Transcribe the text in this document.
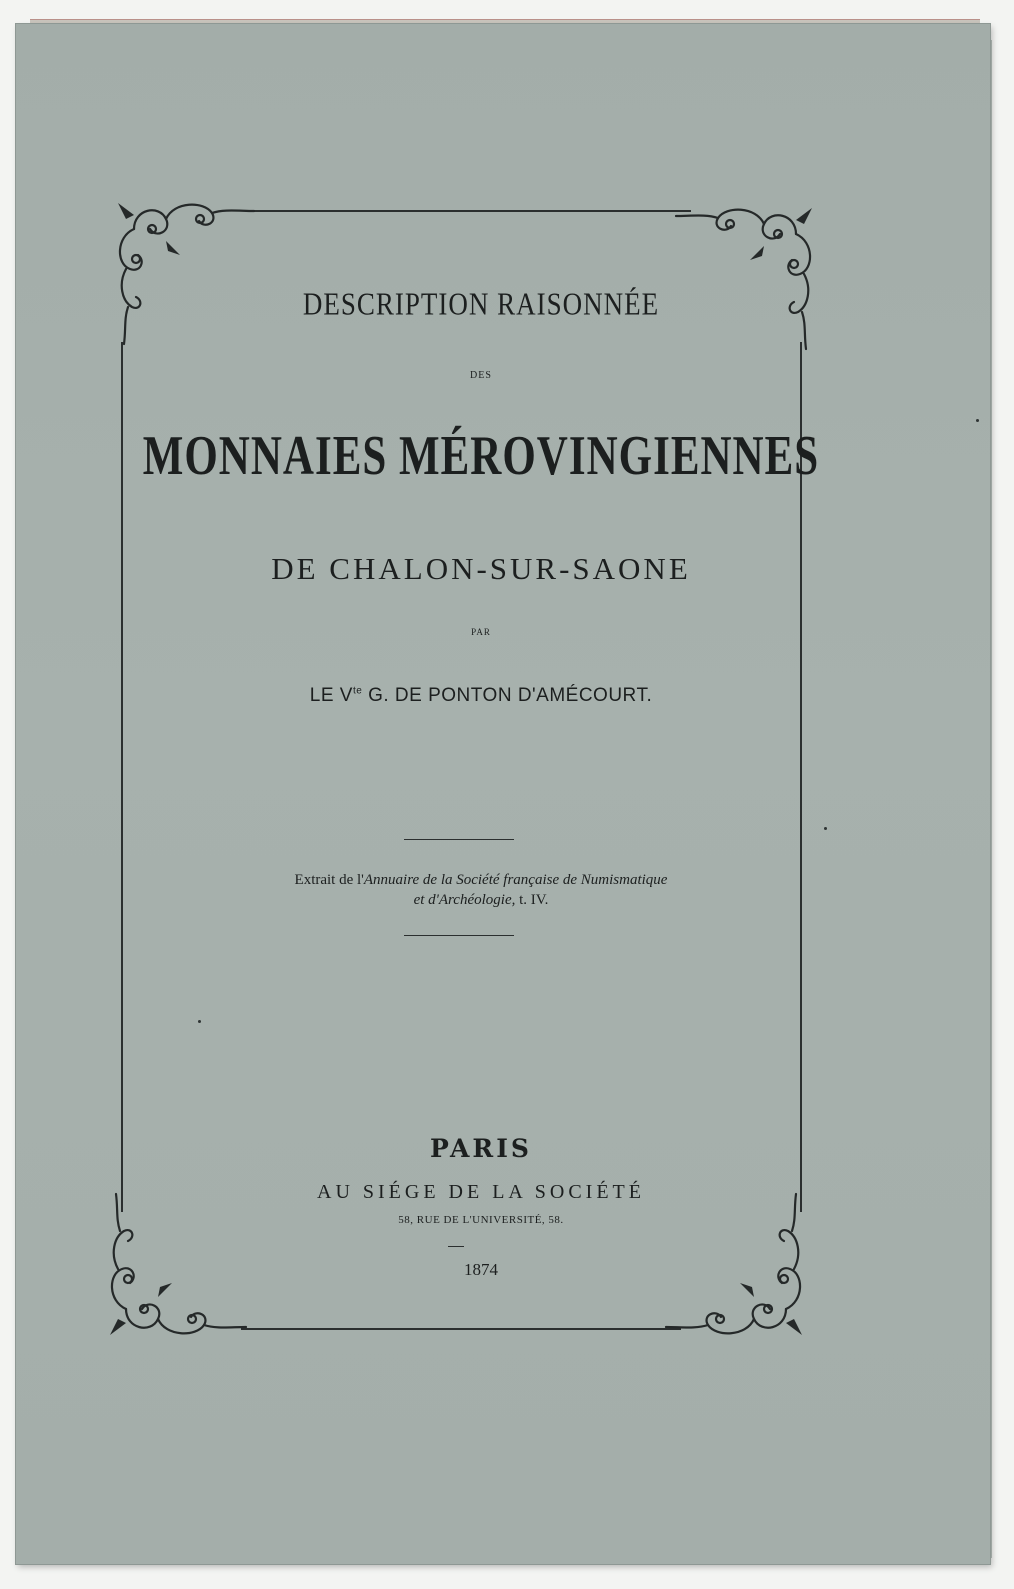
DESCRIPTION RAISONNÉE
DES
MONNAIES MÉROVINGIENNES
DE CHALON-SUR-SAONE
PAR
LE $V^{te}$ G. DE PONTON D'AMÉCOURT.
Extrait de l'Annuaire de la Société française de Numismatique
et d'Archéologie, t. IV.
PARIS
AU SIÉGE DE LA SOCIÉTÉ
58, RUE DE L'UNIVERSITÉ, 58.
1874
